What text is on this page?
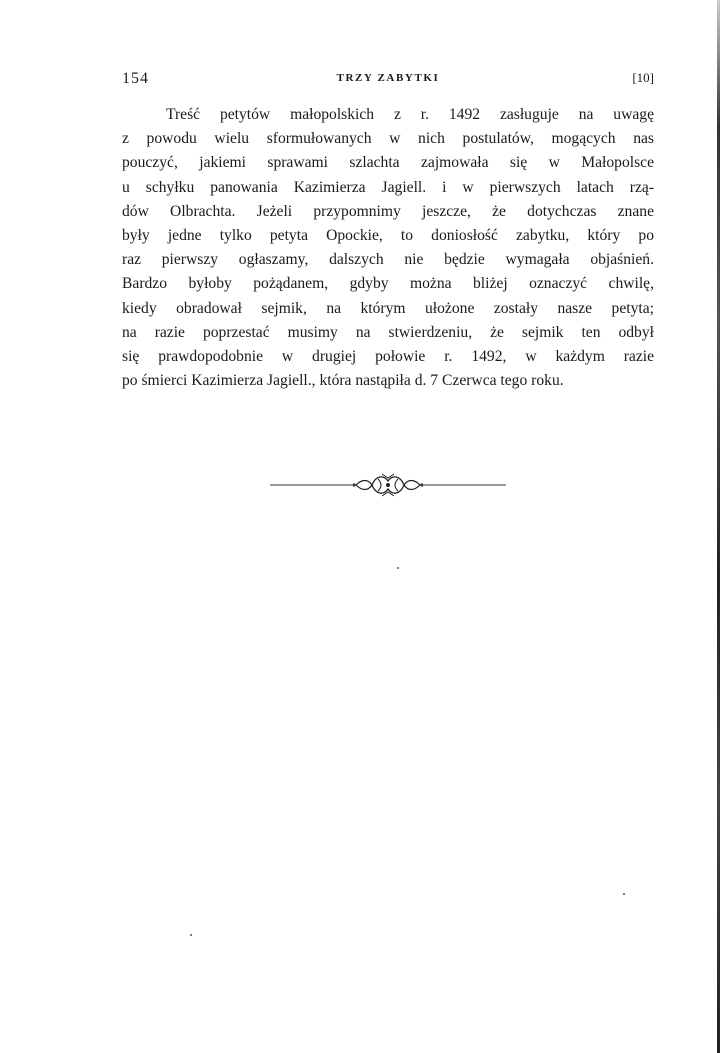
154	TRZY ZABYTKI	[10]

Treść petytów małopolskich z r. 1492 zasługuje na uwagę
z powodu wielu sformułowanych w nich postulatów, mogących nas
pouczyć, jakiemi sprawami szlachta zajmowała się w Małopolsce
u schyłku panowania Kazimierza Jagiell. i w pierwszych latach rzą-
dów Olbrachta. Jeżeli przypomnimy jeszcze, że dotychczas znane
były jedne tylko petyta Opockie, to doniosłość zabytku, który po
raz pierwszy ogłaszamy, dalszych nie będzie wymagała objaśnień.
Bardzo byłoby pożądanem, gdyby można bliżej oznaczyć chwilę,
kiedy obradował sejmik, na którym ułożone zostały nasze petyta;
na razie poprzestać musimy na stwierdzeniu, że sejmik ten odbył
się prawdopodobnie w drugiej połowie r. 1492, w każdym razie
po śmierci Kazimierza Jagiell., która nastąpiła d. 7 Czerwca tego roku.
